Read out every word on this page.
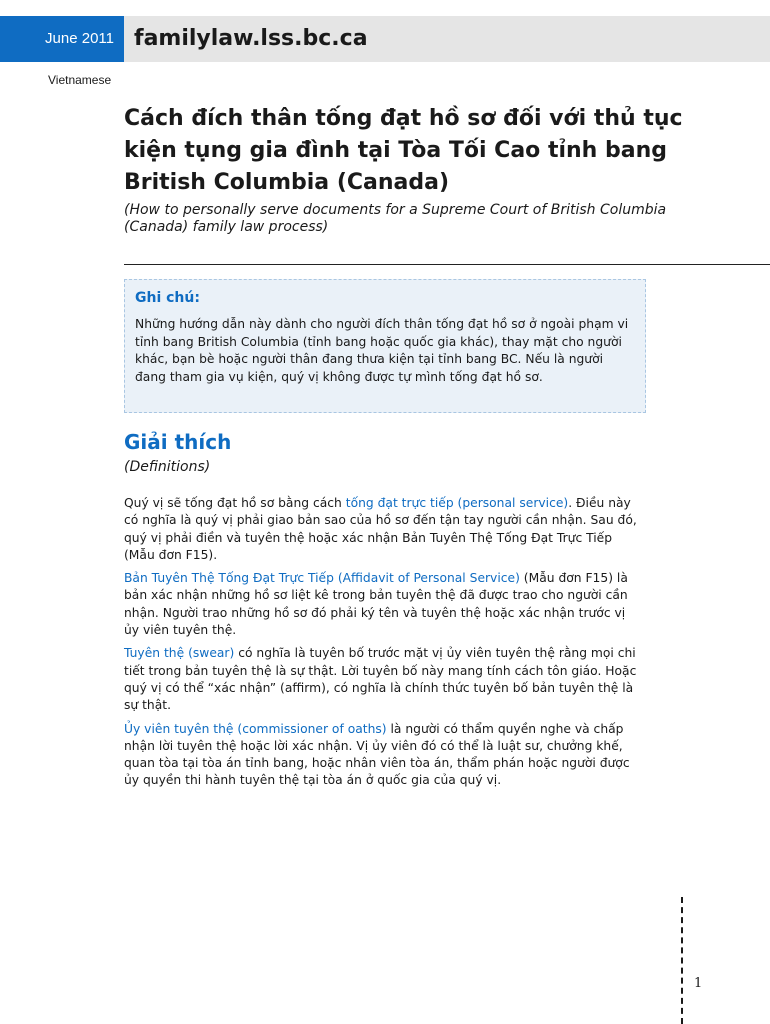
June 2011 familylaw.lss.bc.ca
Vietnamese
Cách đích thân tống đạt hồ sơ đối với thủ tục kiện tụng gia đình tại Tòa Tối Cao tỉnh bang British Columbia (Canada)

(How to personally serve documents for a Supreme Court of British Columbia (Canada) family law process)

Ghi chú:

Những hướng dẫn này dành cho người đích thân tống đạt hồ sơ ở ngoài phạm vi tỉnh bang British Columbia (tỉnh bang hoặc quốc gia khác), thay mặt cho người khác, bạn bè hoặc người thân đang thưa kiện tại tỉnh bang BC. Nếu là người đang tham gia vụ kiện, quý vị không được tự mình tống đạt hồ sơ.

Giải thích
(Definitions)

Quý vị sẽ tống đạt hồ sơ bằng cách tống đạt trực tiếp (personal service). Điều này có nghĩa là quý vị phải giao bản sao của hồ sơ đến tận tay người cần nhận. Sau đó, quý vị phải điền và tuyên thệ hoặc xác nhận Bản Tuyên Thệ Tống Đạt Trực Tiếp (Mẫu đơn F15).

Bản Tuyên Thệ Tống Đạt Trực Tiếp (Affidavit of Personal Service) (Mẫu đơn F15) là bản xác nhận những hồ sơ liệt kê trong bản tuyên thệ đã được trao cho người cần nhận. Người trao những hồ sơ đó phải ký tên và tuyên thệ hoặc xác nhận trước vị ủy viên tuyên thệ.

Tuyên thệ (swear) có nghĩa là tuyên bố trước mặt vị ủy viên tuyên thệ rằng mọi chi tiết trong bản tuyên thệ là sự thật. Lời tuyên bố này mang tính cách tôn giáo. Hoặc quý vị có thể “xác nhận” (affirm), có nghĩa là chính thức tuyên bố bản tuyên thệ là sự thật.

Ủy viên tuyên thệ (commissioner of oaths) là người có thẩm quyền nghe và chấp nhận lời tuyên thệ hoặc lời xác nhận. Vị ủy viên đó có thể là luật sư, chưởng khế, quan tòa tại tòa án tỉnh bang, hoặc nhân viên tòa án, thẩm phán hoặc người được ủy quyền thi hành tuyên thệ tại tòa án ở quốc gia của quý vị.

1
